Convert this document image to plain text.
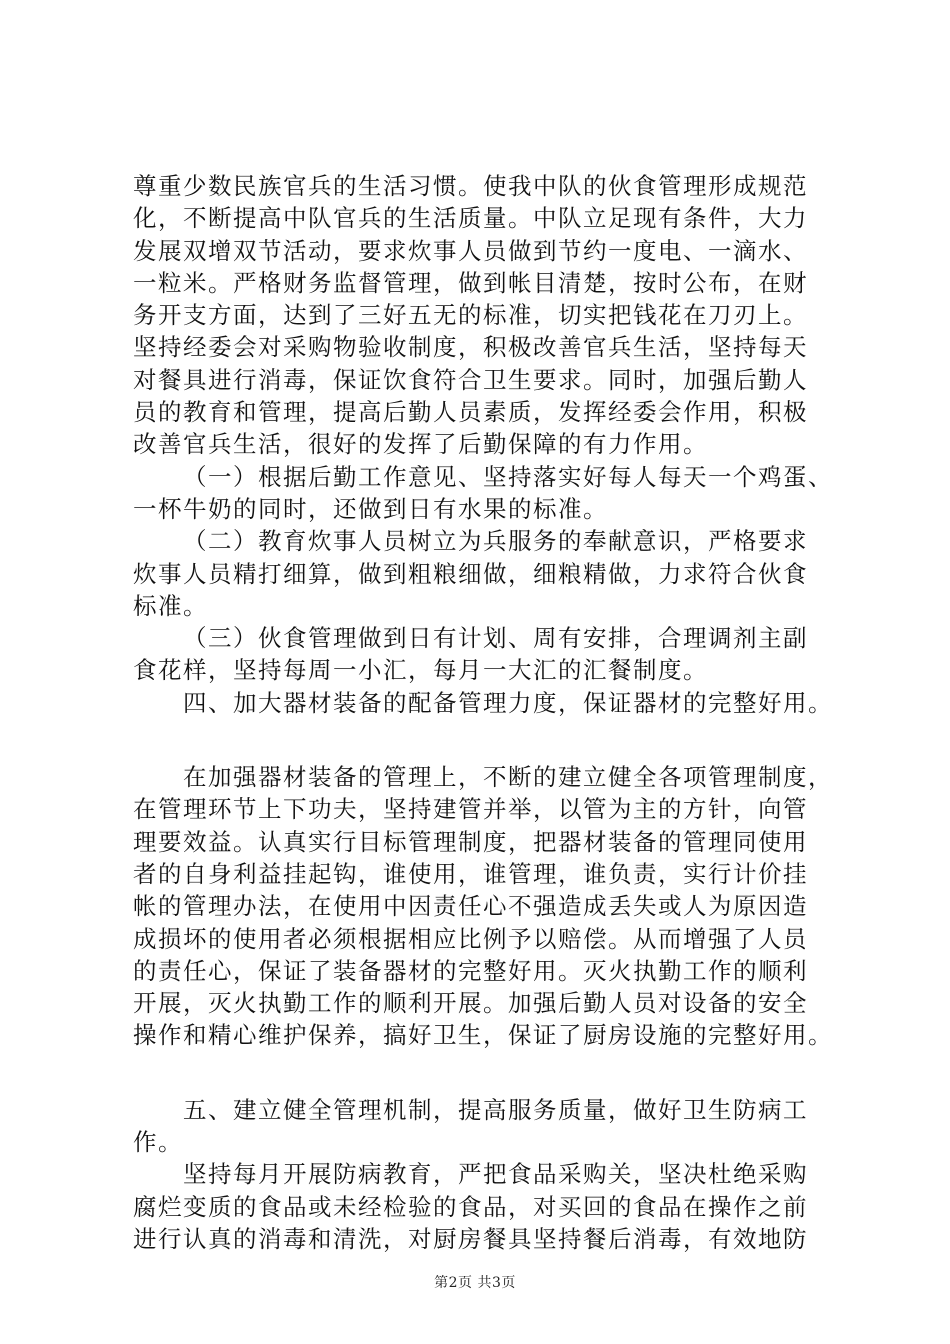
尊重少数民族官兵的生活习惯。使我中队的伙食管理形成规范
化，不断提高中队官兵的生活质量。中队立足现有条件，大力
发展双增双节活动，要求炊事人员做到节约一度电、一滴水、
一粒米。严格财务监督管理，做到帐目清楚，按时公布，在财
务开支方面，达到了三好五无的标准，切实把钱花在刀刃上。
坚持经委会对采购物验收制度，积极改善官兵生活，坚持每天
对餐具进行消毒，保证饮食符合卫生要求。同时，加强后勤人
员的教育和管理，提高后勤人员素质，发挥经委会作用，积极
改善官兵生活，很好的发挥了后勤保障的有力作用。
（一）根据后勤工作意见、坚持落实好每人每天一个鸡蛋、
一杯牛奶的同时，还做到日有水果的标准。
（二）教育炊事人员树立为兵服务的奉献意识，严格要求
炊事人员精打细算，做到粗粮细做，细粮精做，力求符合伙食
标准。
（三）伙食管理做到日有计划、周有安排，合理调剂主副
食花样，坚持每周一小汇，每月一大汇的汇餐制度。
四、加大器材装备的配备管理力度，保证器材的完整好用。
在加强器材装备的管理上，不断的建立健全各项管理制度，
在管理环节上下功夫，坚持建管并举，以管为主的方针，向管
理要效益。认真实行目标管理制度，把器材装备的管理同使用
者的自身利益挂起钩，谁使用，谁管理，谁负责，实行计价挂
帐的管理办法，在使用中因责任心不强造成丢失或人为原因造
成损坏的使用者必须根据相应比例予以赔偿。从而增强了人员
的责任心，保证了装备器材的完整好用。灭火执勤工作的顺利
开展，灭火执勤工作的顺利开展。加强后勤人员对设备的安全
操作和精心维护保养，搞好卫生，保证了厨房设施的完整好用。
五、建立健全管理机制，提高服务质量，做好卫生防病工
作。
坚持每月开展防病教育，严把食品采购关，坚决杜绝采购
腐烂变质的食品或未经检验的食品，对买回的食品在操作之前
进行认真的消毒和清洗，对厨房餐具坚持餐后消毒，有效地防
第2页 共3页
